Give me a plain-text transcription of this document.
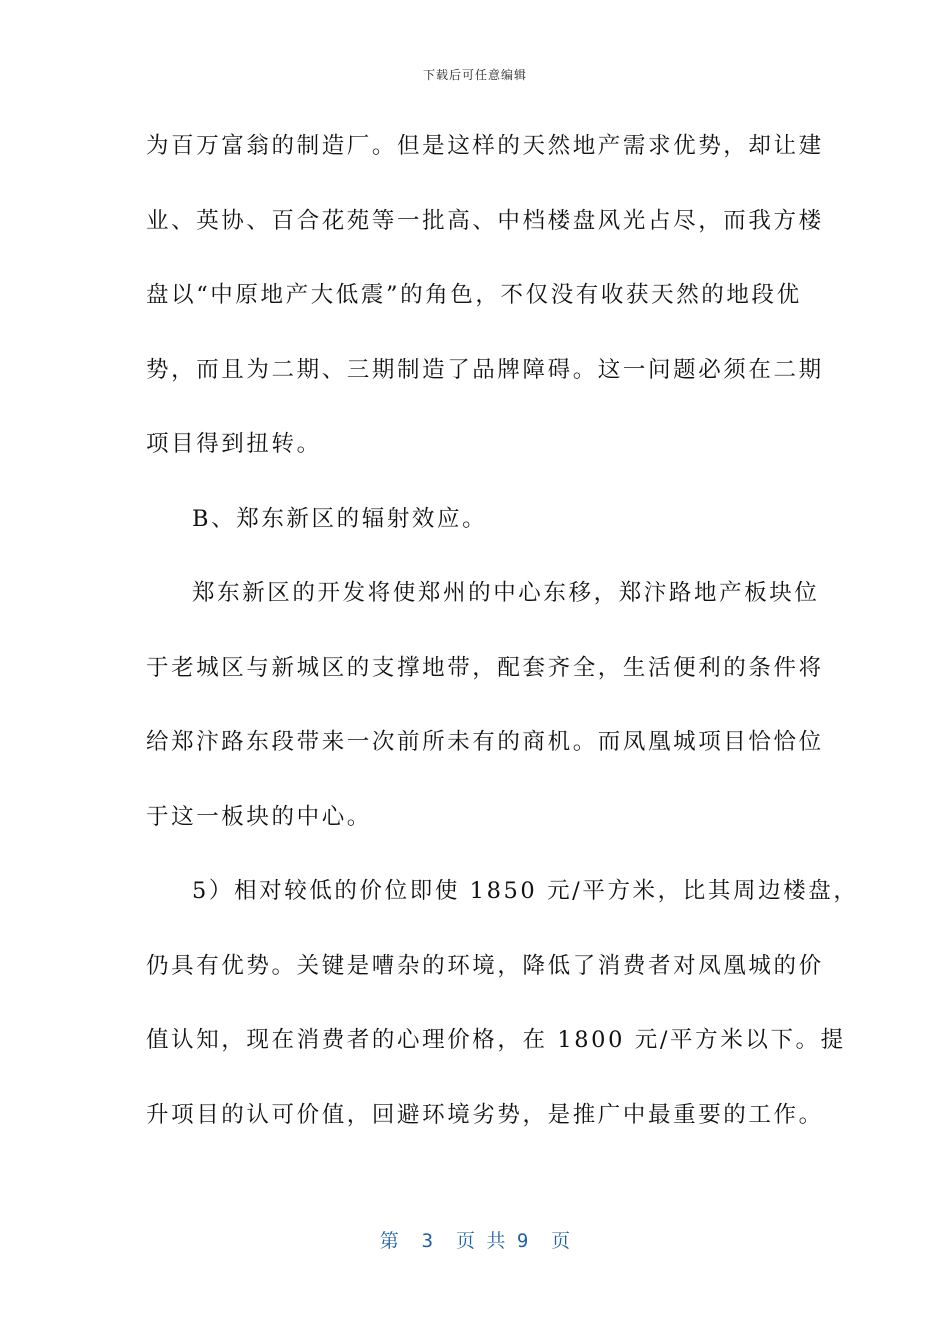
下载后可任意编辑
为百万富翁的制造厂。但是这样的天然地产需求优势，却让建
业、英协、百合花苑等一批高、中档楼盘风光占尽，而我方楼
盘以“中原地产大低震”的角色，不仅没有收获天然的地段优
势，而且为二期、三期制造了品牌障碍。这一问题必须在二期
项目得到扭转。
B、郑东新区的辐射效应。
郑东新区的开发将使郑州的中心东移，郑汴路地产板块位
于老城区与新城区的支撑地带，配套齐全，生活便利的条件将
给郑汴路东段带来一次前所未有的商机。而凤凰城项目恰恰位
于这一板块的中心。
5）相对较低的价位即使 1850 元/平方米，比其周边楼盘，
仍具有优势。关键是嘈杂的环境，降低了消费者对凤凰城的价
值认知，现在消费者的心理价格，在 1800 元/平方米以下。提
升项目的认可价值，回避环境劣势，是推广中最重要的工作。
第  3  页 共 9  页
